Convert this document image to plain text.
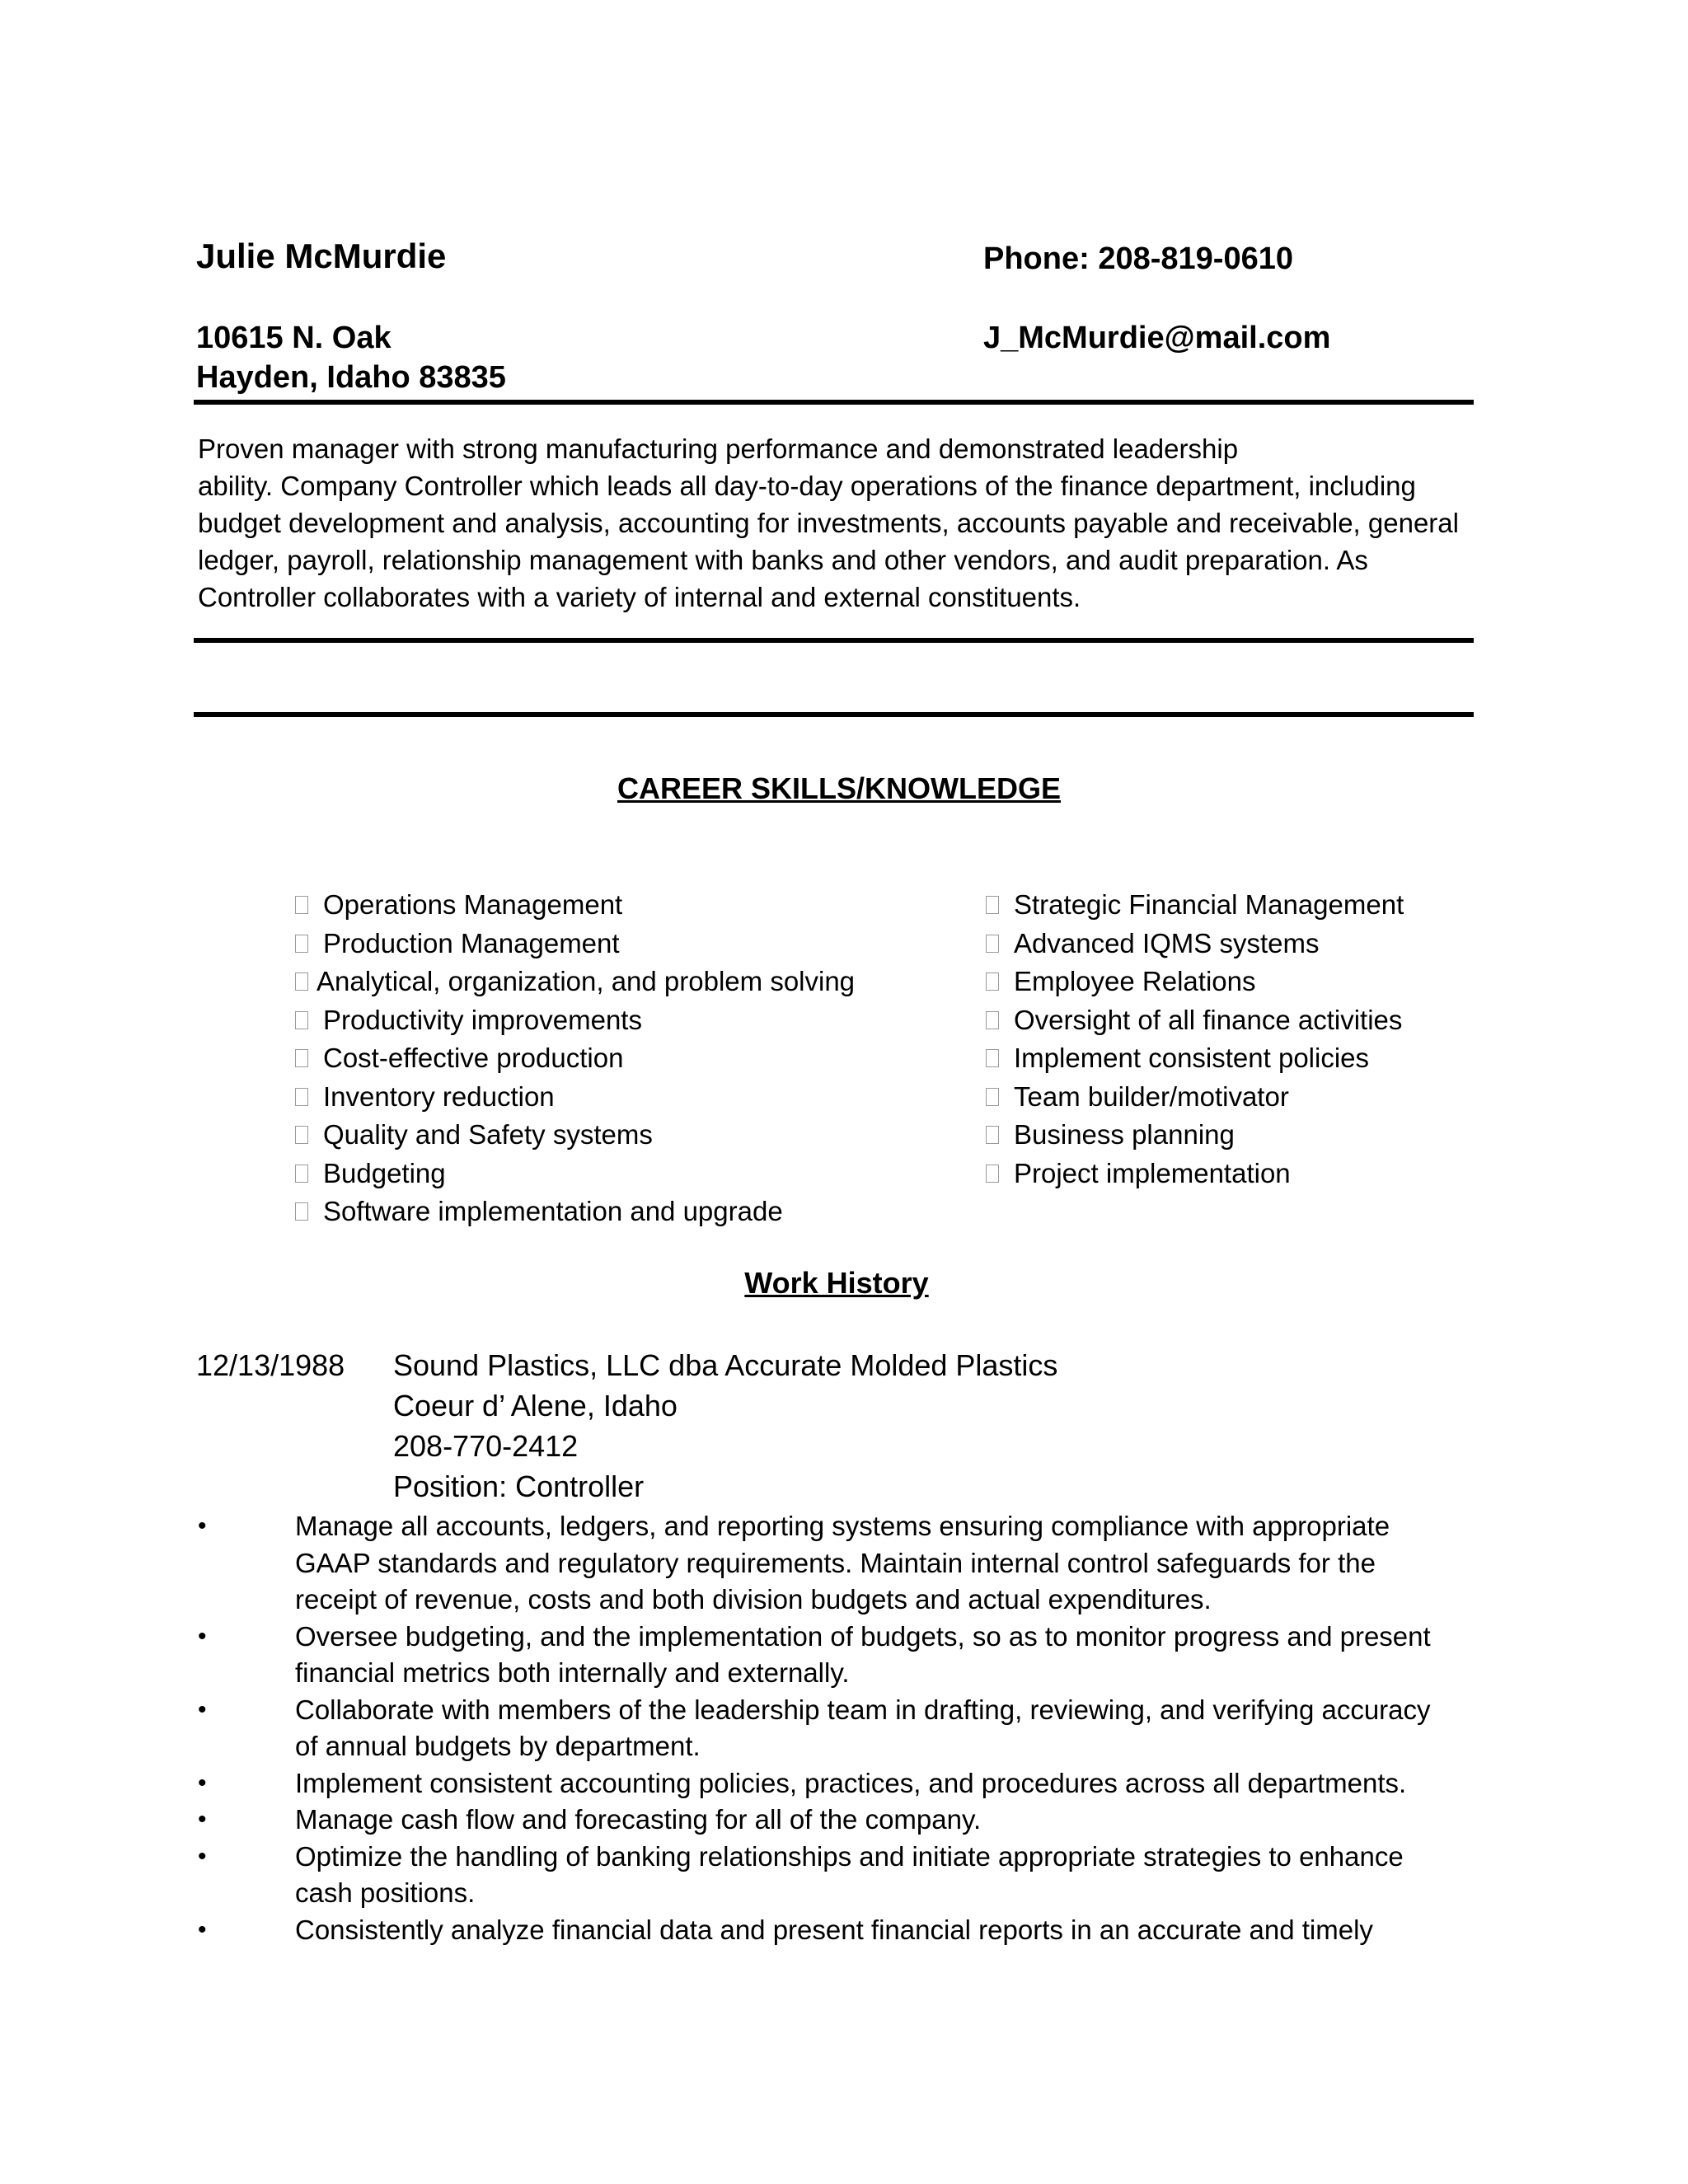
Julie McMurdie	Phone: 208-819-0610
10615 N. Oak	J_McMurdie@mail.com
Hayden, Idaho 83835
Proven manager with strong manufacturing performance and demonstrated leadership
ability. Company Controller which leads all day-to-day operations of the finance department, including
budget development and analysis, accounting for investments, accounts payable and receivable, general
ledger, payroll, relationship management with banks and other vendors, and audit preparation. As
Controller collaborates with a variety of internal and external constituents.
CAREER SKILLS/KNOWLEDGE
Operations Management
Production Management
Analytical, organization, and problem solving
Productivity improvements
Cost-effective production
Inventory reduction
Quality and Safety systems
Budgeting
Software implementation and upgrade
Strategic Financial Management
Advanced IQMS systems
Employee Relations
Oversight of all finance activities
Implement consistent policies
Team builder/motivator
Business planning
Project implementation
Work History
12/13/1988 Sound Plastics, LLC dba Accurate Molded Plastics
Coeur d’ Alene, Idaho
208-770-2412
Position: Controller
•	Manage all accounts, ledgers, and reporting systems ensuring compliance with appropriate
GAAP standards and regulatory requirements. Maintain internal control safeguards for the
receipt of revenue, costs and both division budgets and actual expenditures.
•	Oversee budgeting, and the implementation of budgets, so as to monitor progress and present
financial metrics both internally and externally.
•	Collaborate with members of the leadership team in drafting, reviewing, and verifying accuracy
of annual budgets by department.
•	Implement consistent accounting policies, practices, and procedures across all departments.
•	Manage cash flow and forecasting for all of the company.
•	Optimize the handling of banking relationships and initiate appropriate strategies to enhance
cash positions.
•	Consistently analyze financial data and present financial reports in an accurate and timely
